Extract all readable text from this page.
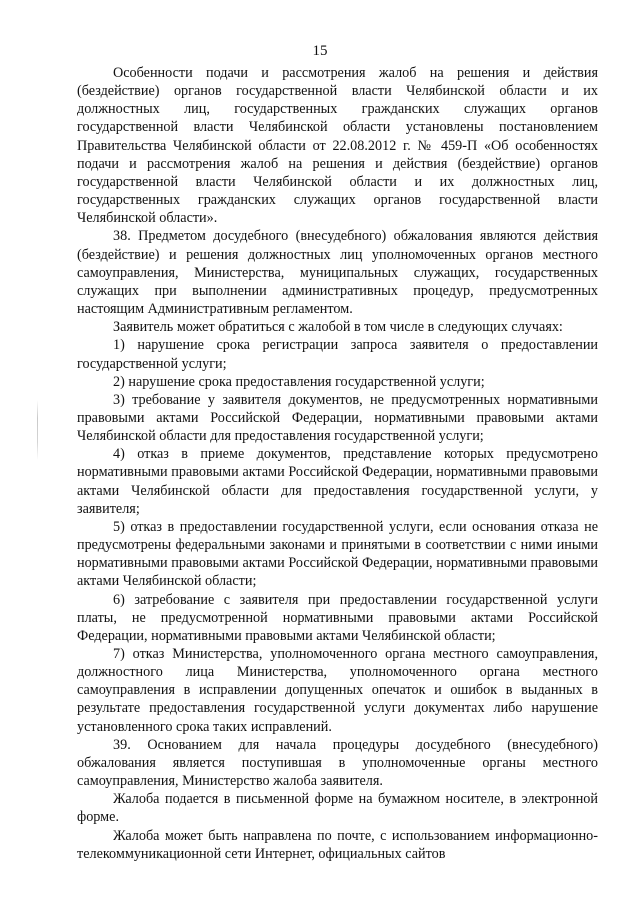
15

Особенности подачи и рассмотрения жалоб на решения и действия (бездействие) органов государственной власти Челябинской области и их должностных лиц, государственных гражданских служащих органов государственной власти Челябинской области установлены постановлением Правительства Челябинской области от 22.08.2012 г. № 459-П «Об особенностях подачи и рассмотрения жалоб на решения и действия (бездействие) органов государственной власти Челябинской области и их должностных лиц, государственных гражданских служащих органов государственной власти Челябинской области».

38. Предметом досудебного (внесудебного) обжалования являются действия (бездействие) и решения должностных лиц уполномоченных органов местного самоуправления, Министерства, муниципальных служащих, государственных служащих при выполнении административных процедур, предусмотренных настоящим Административным регламентом.

Заявитель может обратиться с жалобой в том числе в следующих случаях:

1) нарушение срока регистрации запроса заявителя о предоставлении государственной услуги;

2) нарушение срока предоставления государственной услуги;

3) требование у заявителя документов, не предусмотренных нормативными правовыми актами Российской Федерации, нормативными правовыми актами Челябинской области для предоставления государственной услуги;

4) отказ в приеме документов, представление которых предусмотрено нормативными правовыми актами Российской Федерации, нормативными правовыми актами Челябинской области для предоставления государственной услуги, у заявителя;

5) отказ в предоставлении государственной услуги, если основания отказа не предусмотрены федеральными законами и принятыми в соответствии с ними иными нормативными правовыми актами Российской Федерации, нормативными правовыми актами Челябинской области;

6) затребование с заявителя при предоставлении государственной услуги платы, не предусмотренной нормативными правовыми актами Российской Федерации, нормативными правовыми актами Челябинской области;

7) отказ Министерства, уполномоченного органа местного самоуправления, должностного лица Министерства, уполномоченного органа местного самоуправления в исправлении допущенных опечаток и ошибок в выданных в результате предоставления государственной услуги документах либо нарушение установленного срока таких исправлений.

39. Основанием для начала процедуры досудебного (внесудебного) обжалования является поступившая в уполномоченные органы местного самоуправления, Министерство жалоба заявителя.

Жалоба подается в письменной форме на бумажном носителе, в электронной форме.

Жалоба может быть направлена по почте, с использованием информационно-телекоммуникационной сети Интернет, официальных сайтов
